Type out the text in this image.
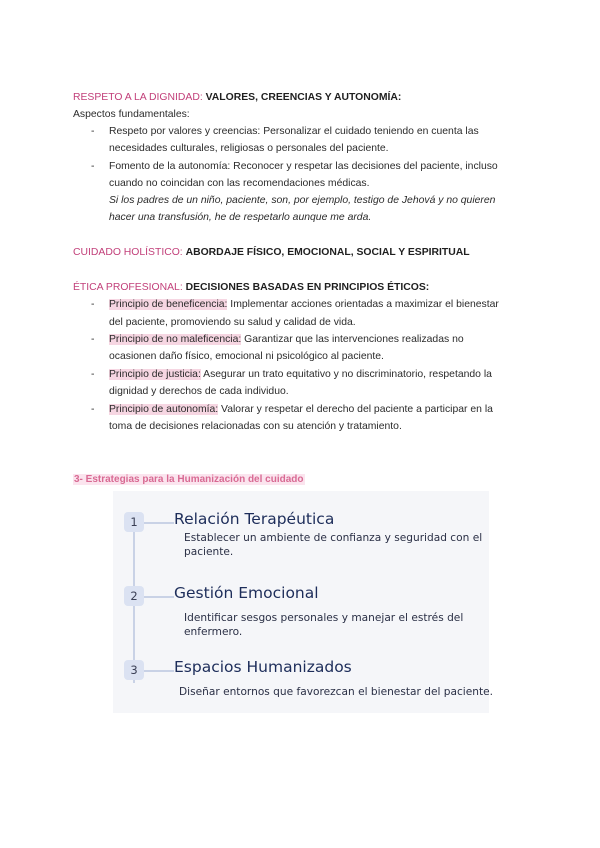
RESPETO A LA DIGNIDAD: VALORES, CREENCIAS Y AUTONOMÍA:
Aspectos fundamentales:
- Respeto por valores y creencias: Personalizar el cuidado teniendo en cuenta las
necesidades culturales, religiosas o personales del paciente.
- Fomento de la autonomía: Reconocer y respetar las decisiones del paciente, incluso
cuando no coincidan con las recomendaciones médicas.
Si los padres de un niño, paciente, son, por ejemplo, testigo de Jehová y no quieren
hacer una transfusión, he de respetarlo aunque me arda.
CUIDADO HOLÍSTICO: ABORDAJE FÍSICO, EMOCIONAL, SOCIAL Y ESPIRITUAL
ÉTICA PROFESIONAL: DECISIONES BASADAS EN PRINCIPIOS ÉTICOS:
- Principio de beneficencia: Implementar acciones orientadas a maximizar el bienestar
del paciente, promoviendo su salud y calidad de vida.
- Principio de no maleficencia: Garantizar que las intervenciones realizadas no
ocasionen daño físico, emocional ni psicológico al paciente.
- Principio de justicia: Asegurar un trato equitativo y no discriminatorio, respetando la
dignidad y derechos de cada individuo.
- Principio de autonomía: Valorar y respetar el derecho del paciente a participar en la
toma de decisiones relacionadas con su atención y tratamiento.
3- Estrategias para la Humanización del cuidado
1	Relación Terapéutica
Establecer un ambiente de confianza y seguridad con el
paciente.
2	Gestión Emocional
Identificar sesgos personales y manejar el estrés del
enfermero.
3	Espacios Humanizados
Diseñar entornos que favorezcan el bienestar del paciente.
